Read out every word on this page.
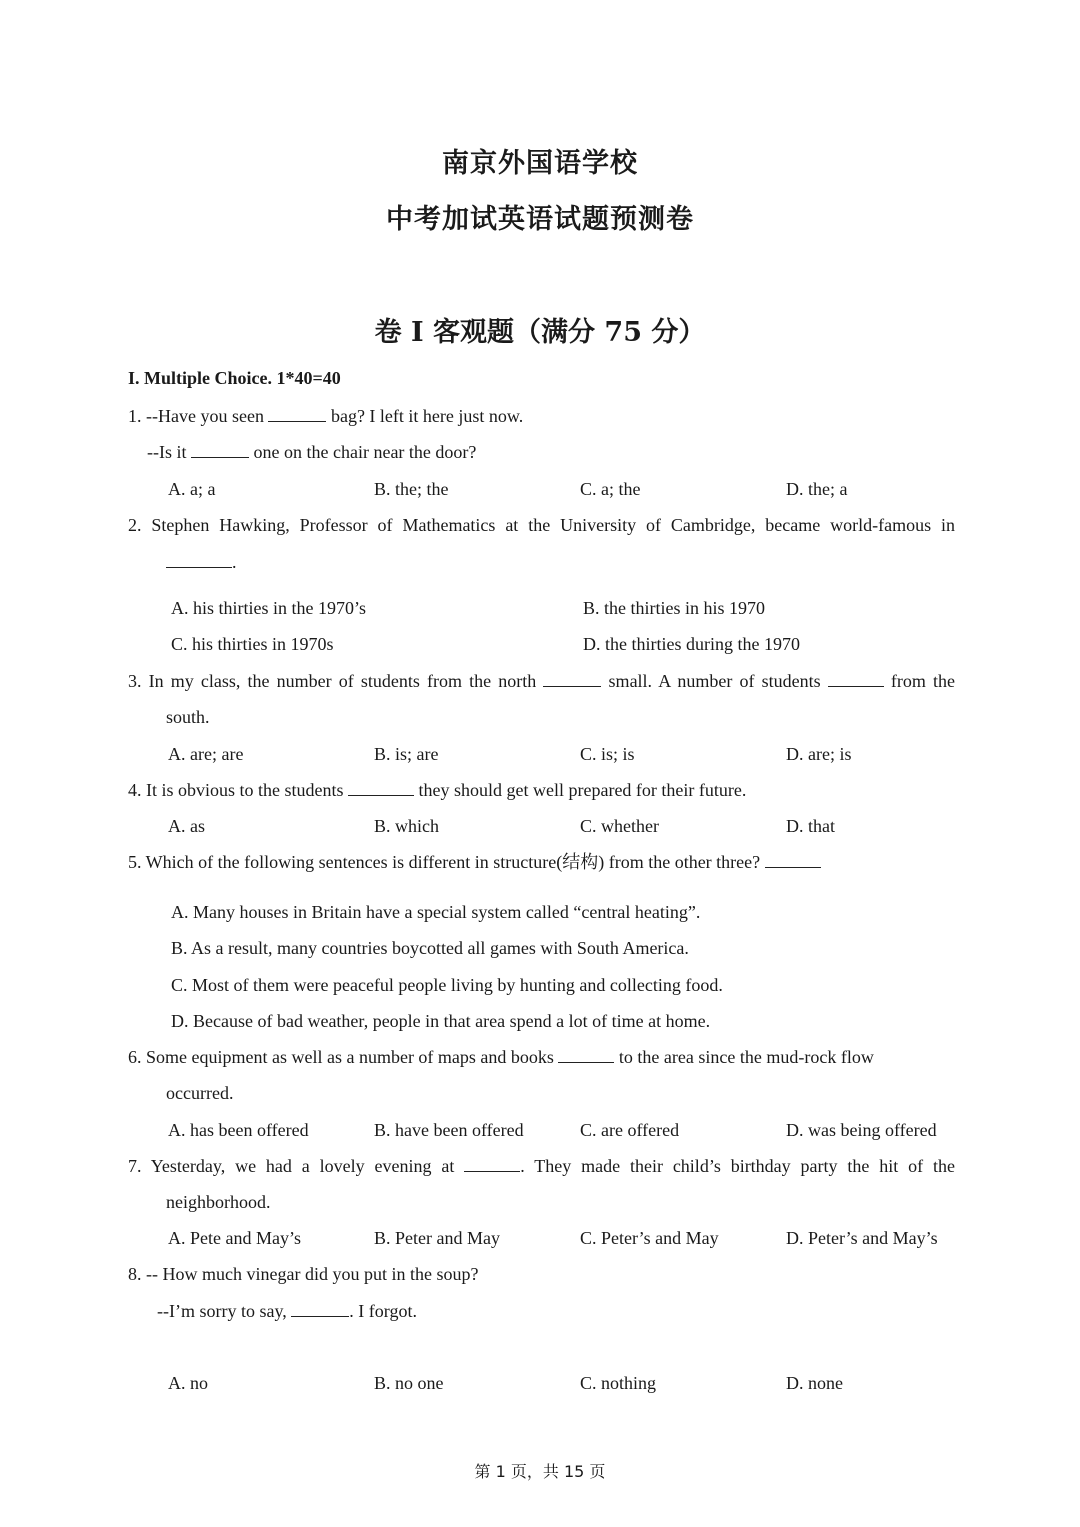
南京外国语学校
中考加试英语试题预测卷
卷 I 客观题（满分 75 分）
I. Multiple Choice. 1*40=40
1. --Have you seen	bag? I left it here just now.
--Is it	one on the chair near the door?
A. a; a	B. the; the	C. a; the	D. the; a
2. Stephen Hawking, Professor of Mathematics at the University of Cambridge, became world-famous in
.
A. his thirties in the 1970’s	B. the thirties in his 1970
C. his thirties in 1970s	D. the thirties during the 1970
3. In my class, the number of students from the north	small. A number of students	from the
south.
A. are; are	B. is; are	C. is; is	D. are; is
4. It is obvious to the students	they should get well prepared for their future.
A. as	B. which	C. whether	D. that
5. Which of the following sentences is different in structure(结构) from the other three?
A. Many houses in Britain have a special system called “central heating”.
B. As a result, many countries boycotted all games with South America.
C. Most of them were peaceful people living by hunting and collecting food.
D. Because of bad weather, people in that area spend a lot of time at home.
6. Some equipment as well as a number of maps and books	to the area since the mud-rock flow
occurred.
A. has been offered	B. have been offered	C. are offered	D. was being offered
7. Yesterday, we had a lovely evening at	. They made their child’s birthday party the hit of the
neighborhood.
A. Pete and May’s	B. Peter and May	C. Peter’s and May	D. Peter’s and May’s
8. -- How much vinegar did you put in the soup?
--I’m sorry to say,	. I forgot.
A. no	B. no one	C. nothing	D. none
第 1 页，共 15 页
